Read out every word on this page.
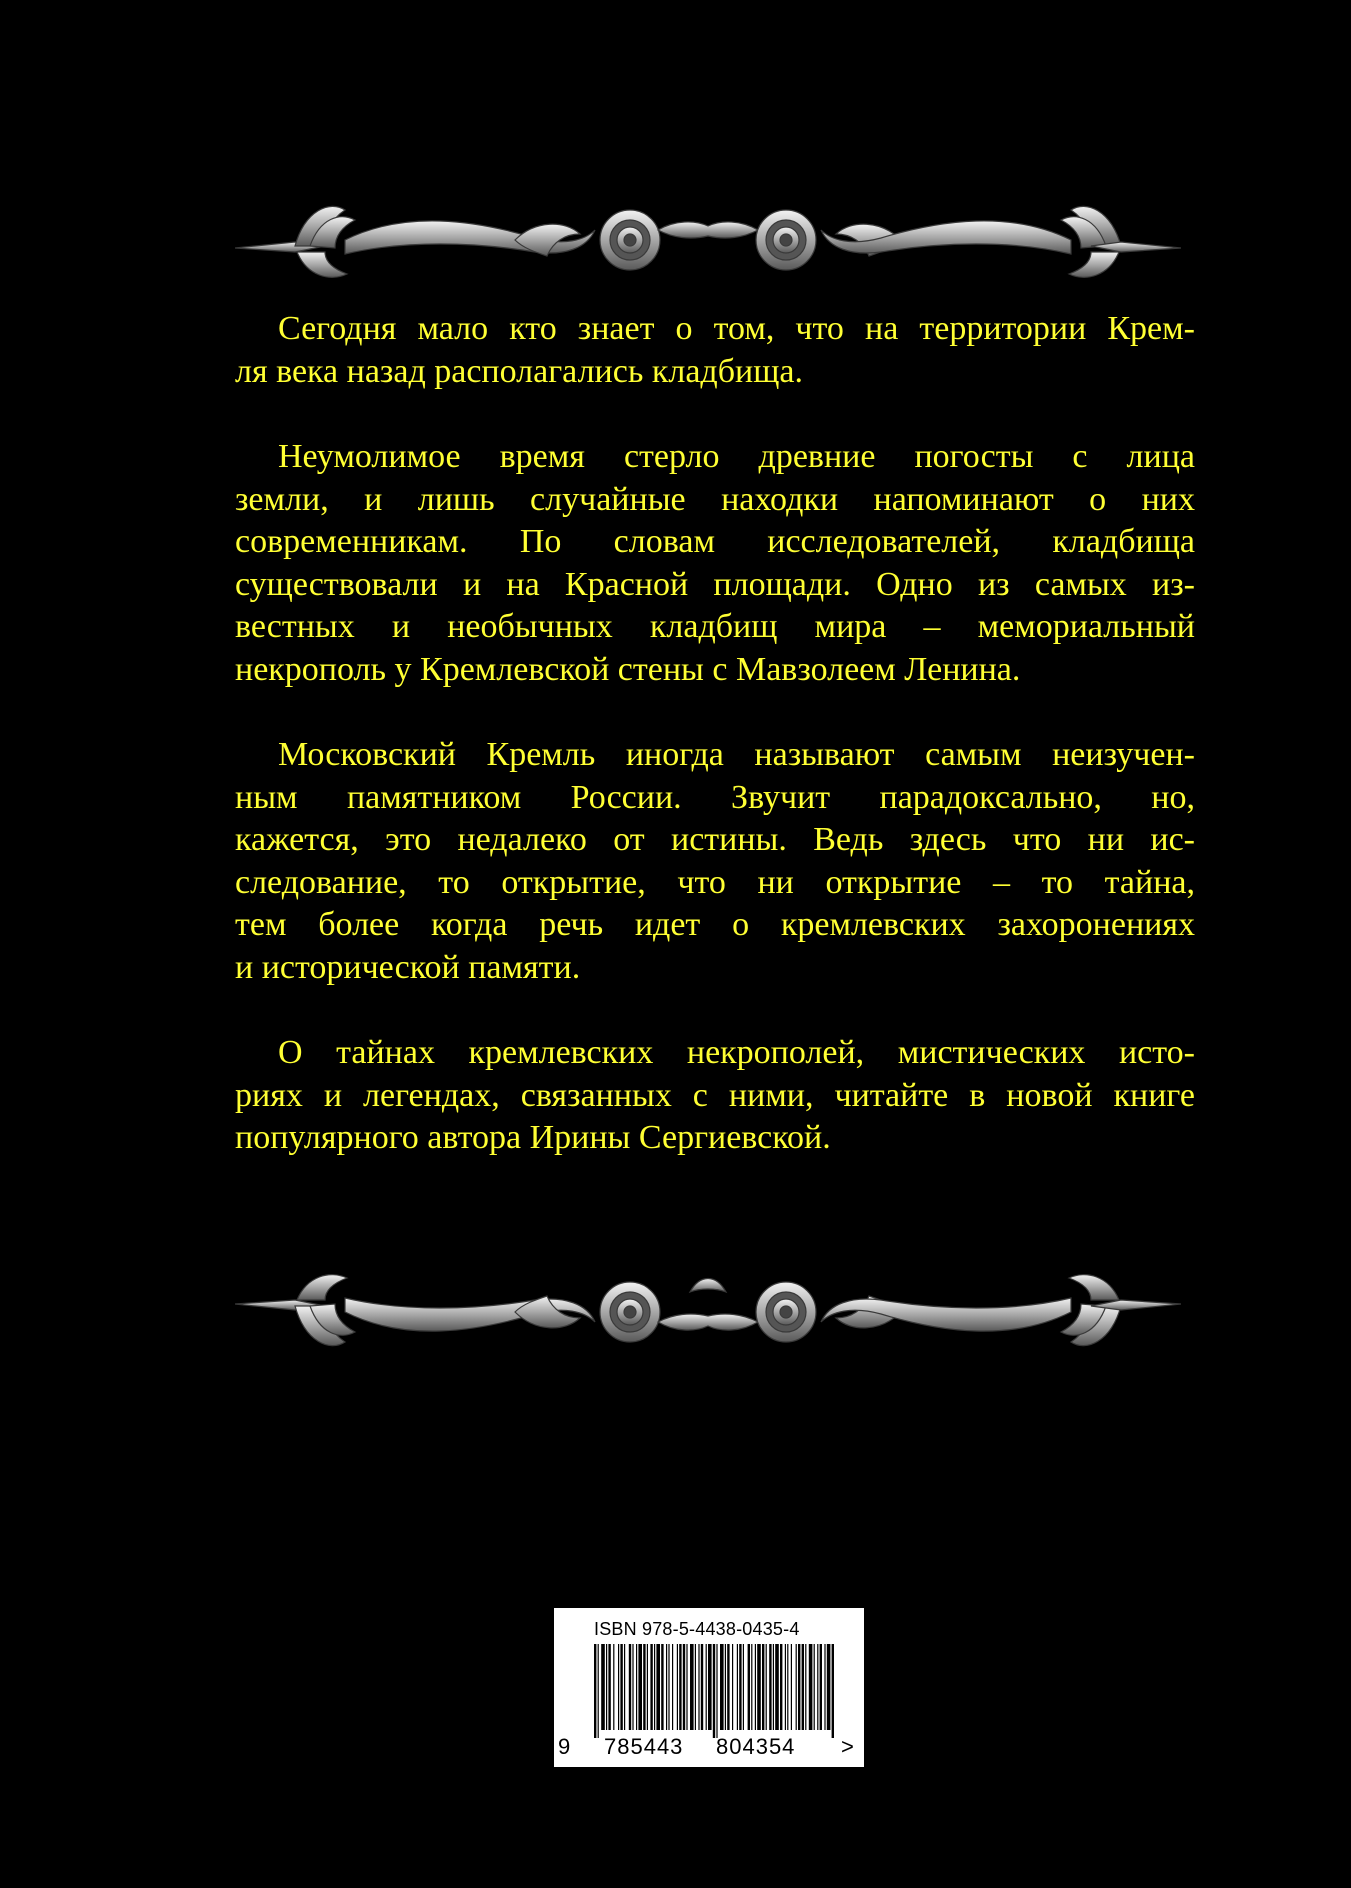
Сегодня мало кто знает о том, что на территории Крем-
ля века назад располагались кладбища.

Неумолимое время стерло древние погосты с лица
земли, и лишь случайные находки напоминают о них
современникам. По словам исследователей, кладбища
существовали и на Красной площади. Одно из самых из-
вестных и необычных кладбищ мира – мемориальный
некрополь у Кремлевской стены с Мавзолеем Ленина.

Московский Кремль иногда называют самым неизучен-
ным памятником России. Звучит парадоксально, но,
кажется, это недалеко от истины. Ведь здесь что ни ис-
следование, то открытие, что ни открытие – то тайна,
тем более когда речь идет о кремлевских захоронениях
и исторической памяти.

О тайнах кремлевских некрополей, мистических исто-
риях и легендах, связанных с ними, читайте в новой книге
популярного автора Ирины Сергиевской.

ISBN 978-5-4438-0435-4
9 785443 804354 >
